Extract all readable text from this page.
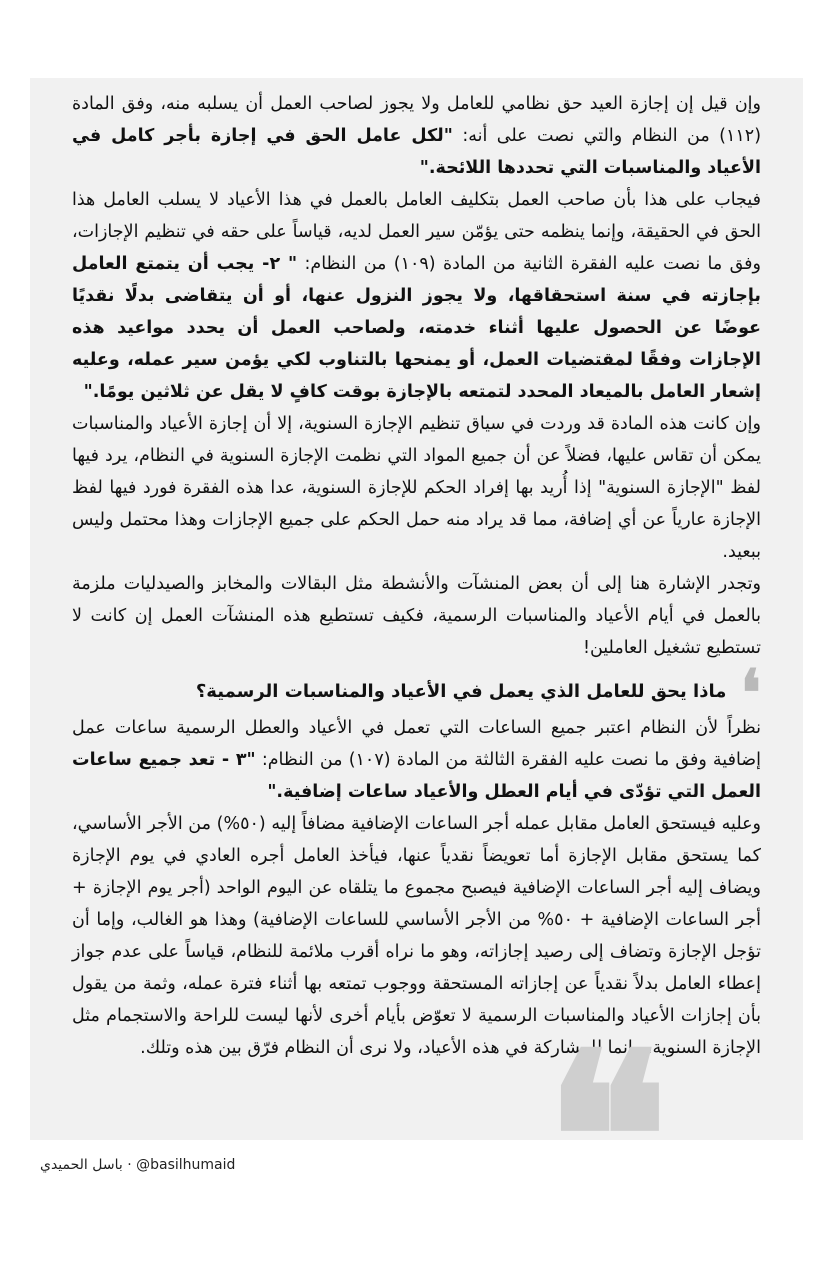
وإن قيل إن إجازة العيد حق نظامي للعامل ولا يجوز لصاحب العمل أن يسلبه منه، وفق المادة (١١٢) من النظام والتي نصت على أنه: "لكل عامل الحق في إجازة بأجر كامل في الأعياد والمناسبات التي تحددها اللائحة."

فيجاب على هذا بأن صاحب العمل بتكليف العامل بالعمل في هذا الأعياد لا يسلب العامل هذا الحق في الحقيقة، وإنما ينظمه حتى يؤمّن سير العمل لديه، قياساً على حقه في تنظيم الإجازات، وفق ما نصت عليه الفقرة الثانية من المادة (١٠٩) من النظام: " ٢- يجب أن يتمتع العامل بإجازته في سنة استحقاقها، ولا يجوز النزول عنها، أو أن يتقاضى بدلًا نقديًا عوضًا عن الحصول عليها أثناء خدمته، ولصاحب العمل أن يحدد مواعيد هذه الإجازات وفقًا لمقتضيات العمل، أو يمنحها بالتناوب لكي يؤمن سير عمله، وعليه إشعار العامل بالميعاد المحدد لتمتعه بالإجازة بوقت كافٍ لا يقل عن ثلاثين يومًا."

وإن كانت هذه المادة قد وردت في سياق تنظيم الإجازة السنوية، إلا أن إجازة الأعياد والمناسبات يمكن أن تقاس عليها، فضلاً عن أن جميع المواد التي نظمت الإجازة السنوية في النظام، يرد فيها لفظ "الإجازة السنوية" إذا أُريد بها إفراد الحكم للإجازة السنوية، عدا هذه الفقرة فورد فيها لفظ الإجازة عارياً عن أي إضافة، مما قد يراد منه حمل الحكم على جميع الإجازات وهذا محتمل وليس ببعيد.

وتجدر الإشارة هنا إلى أن بعض المنشآت والأنشطة مثل البقالات والمخابز والصيدليات ملزمة بالعمل في أيام الأعياد والمناسبات الرسمية، فكيف تستطيع هذه المنشآت العمل إن كانت لا تستطيع تشغيل العاملين!

❛
ماذا يحق للعامل الذي يعمل في الأعياد والمناسبات الرسمية؟

نظراً لأن النظام اعتبر جميع الساعات التي تعمل في الأعياد والعطل الرسمية ساعات عمل إضافية وفق ما نصت عليه الفقرة الثالثة من المادة (١٠٧) من النظام: "٣ - تعد جميع ساعات العمل التي تؤدّى في أيام العطل والأعياد ساعات إضافية."

وعليه فيستحق العامل مقابل عمله أجر الساعات الإضافية مضافاً إليه (٥٠%) من الأجر الأساسي، كما يستحق مقابل الإجازة أما تعويضاً نقدياً عنها، فيأخذ العامل أجره العادي في يوم الإجازة ويضاف إليه أجر الساعات الإضافية فيصبح مجموع ما يتلقاه عن اليوم الواحد (أجر يوم الإجازة + أجر الساعات الإضافية + ٥٠% من الأجر الأساسي للساعات الإضافية) وهذا هو الغالب، وإما أن تؤجل الإجازة وتضاف إلى رصيد إجازاته، وهو ما نراه أقرب ملائمة للنظام، قياساً على عدم جواز إعطاء العامل بدلاً نقدياً عن إجازاته المستحقة ووجوب تمتعه بها أثناء فترة عمله، وثمة من يقول بأن إجازات الأعياد والمناسبات الرسمية لا تعوّض بأيام أخرى لأنها ليست للراحة والاستجمام مثل الإجازة السنوية، وإنما للمشاركة في هذه الأعياد، ولا نرى أن النظام فرّق بين هذه وتلك.

❝
باسل الحميدي · @basilhumaid
